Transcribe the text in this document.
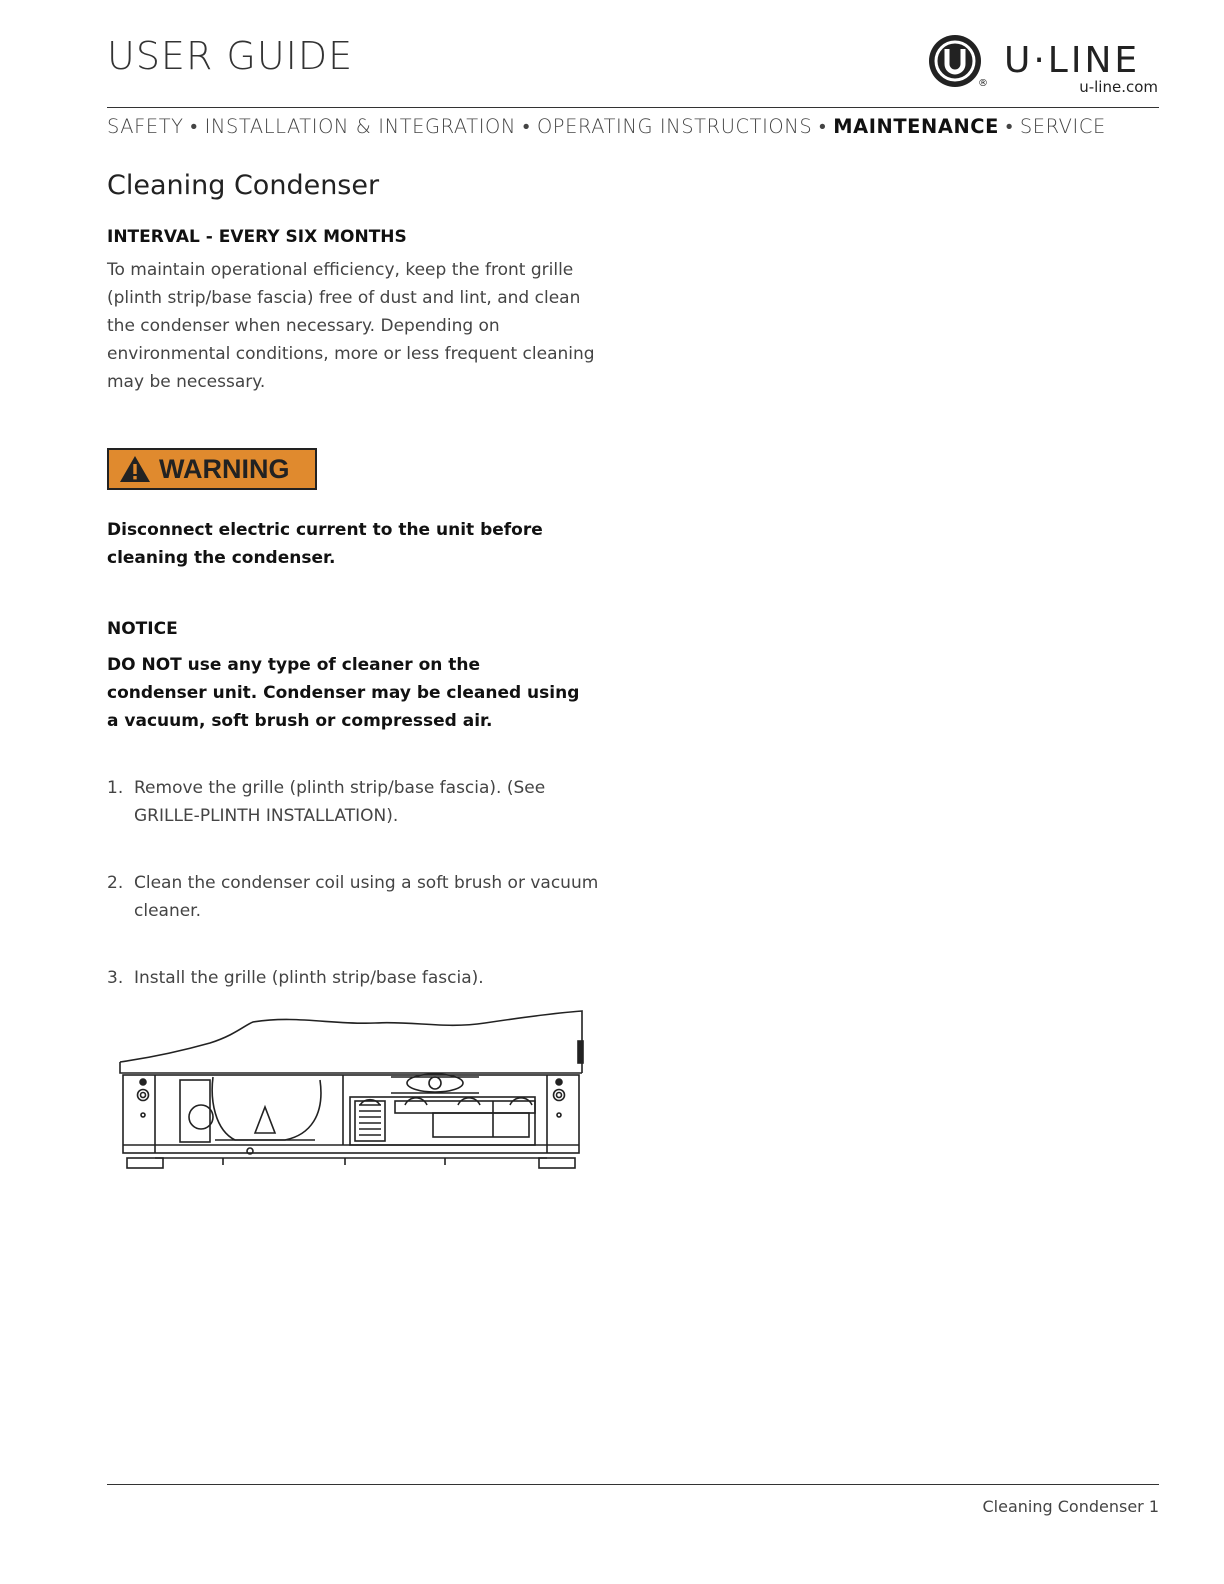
USER GUIDE
®
U·LINE
u-line.com
SAFETY • INSTALLATION & INTEGRATION • OPERATING INSTRUCTIONS • MAINTENANCE • SERVICE
Cleaning Condenser
INTERVAL - EVERY SIX MONTHS
To maintain operational efficiency, keep the front grille
(plinth strip/base fascia) free of dust and lint, and clean
the condenser when necessary. Depending on
environmental conditions, more or less frequent cleaning
may be necessary.
WARNING
Disconnect electric current to the unit before
cleaning the condenser.
NOTICE
DO NOT use any type of cleaner on the
condenser unit. Condenser may be cleaned using
a vacuum, soft brush or compressed air.
1. Remove the grille (plinth strip/base fascia). (See
GRILLE-PLINTH INSTALLATION).
2. Clean the condenser coil using a soft brush or vacuum
cleaner.
3. Install the grille (plinth strip/base fascia).
Cleaning Condenser 1
